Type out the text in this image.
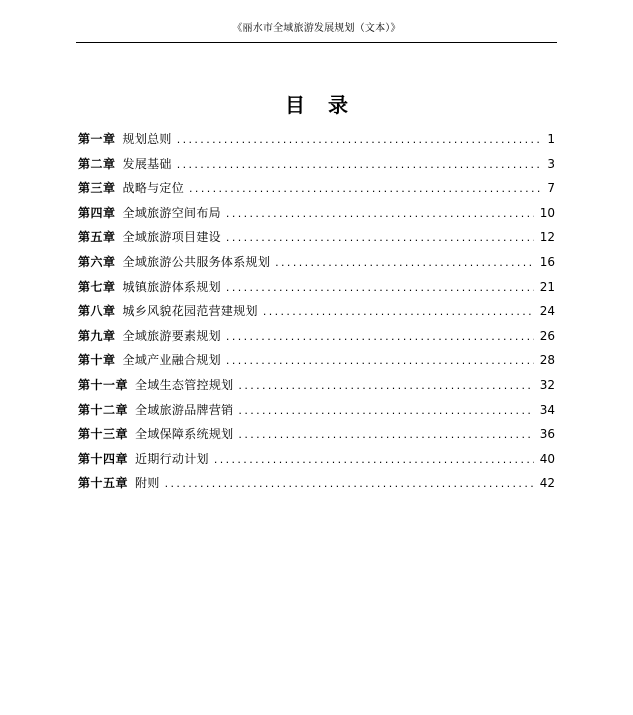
《丽水市全域旅游发展规划（文本）》
目 录
第一章 规划总则 .....	1
第二章 发展基础 .....	3
第三章 战略与定位 .....	7
第四章 全域旅游空间布局 .....	10
第五章 全域旅游项目建设 .....	12
第六章 全域旅游公共服务体系规划 .....	16
第七章 城镇旅游体系规划 .....	21
第八章 城乡风貌花园范营建规划 .....	24
第九章 全域旅游要素规划 .....	26
第十章 全域产业融合规划 .....	28
第十一章 全域生态管控规划 .....	32
第十二章 全域旅游品牌营销 .....	34
第十三章 全域保障系统规划 .....	36
第十四章 近期行动计划 .....	40
第十五章 附则 .....	42
